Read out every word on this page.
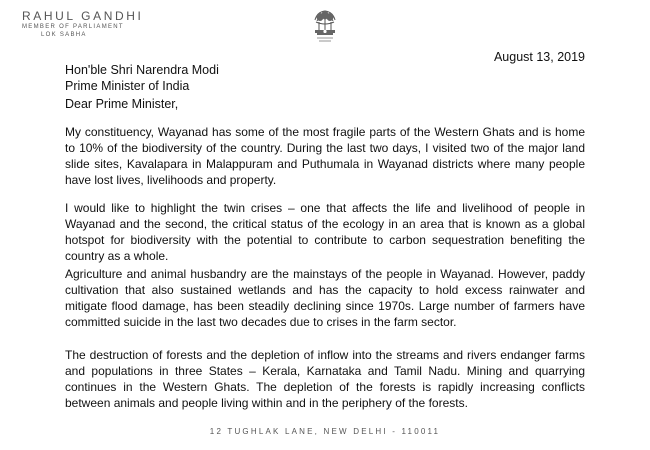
RAHUL GANDHI
MEMBER OF PARLIAMENT
LOK SABHA
August 13, 2019
Hon'ble Shri Narendra Modi
Prime Minister of India
Dear Prime Minister,

My constituency, Wayanad has some of the most fragile parts of the Western Ghats and is home to 10% of the biodiversity of the country. During the last two days, I visited two of the major land slide sites, Kavalapara in Malappuram and Puthumala in Wayanad districts where many people have lost lives, livelihoods and property.

I would like to highlight the twin crises – one that affects the life and livelihood of people in Wayanad and the second, the critical status of the ecology in an area that is known as a global hotspot for biodiversity with the potential to contribute to carbon sequestration benefiting the country as a whole.

Agriculture and animal husbandry are the mainstays of the people in Wayanad. However, paddy cultivation that also sustained wetlands and has the capacity to hold excess rainwater and mitigate flood damage, has been steadily declining since 1970s. Large number of farmers have committed suicide in the last two decades due to crises in the farm sector.

The destruction of forests and the depletion of inflow into the streams and rivers endanger farms and populations in three States – Kerala, Karnataka and Tamil Nadu. Mining and quarrying continues in the Western Ghats. The depletion of the forests is rapidly increasing conflicts between animals and people living within and in the periphery of the forests.

12 TUGHLAK LANE, NEW DELHI - 110011
